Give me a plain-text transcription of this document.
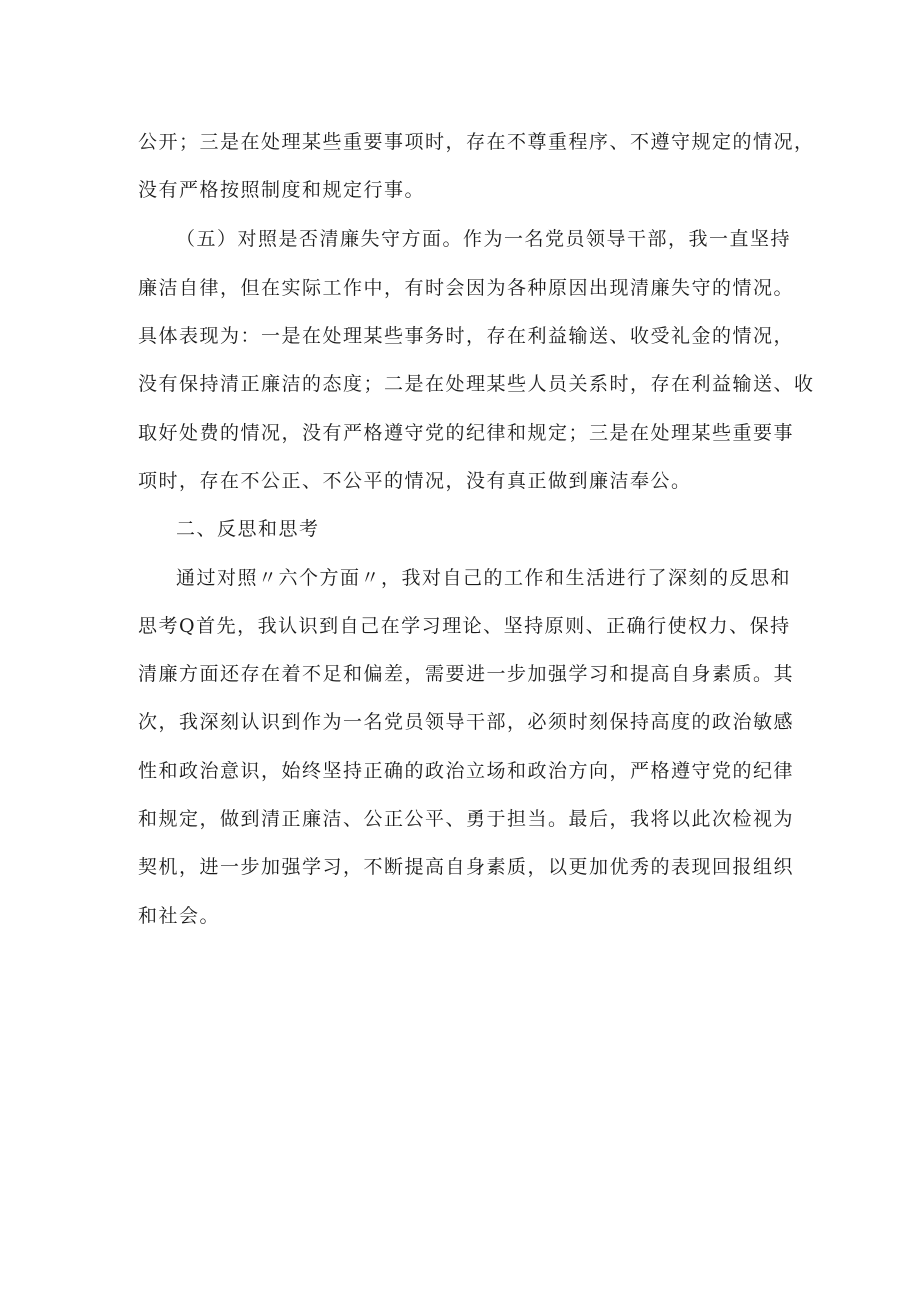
公开；三是在处理某些重要事项时，存在不尊重程序、不遵守规定的情况，
没有严格按照制度和规定行事。
（五）对照是否清廉失守方面。作为一名党员领导干部，我一直坚持
廉洁自律，但在实际工作中，有时会因为各种原因出现清廉失守的情况。
具体表现为：一是在处理某些事务时，存在利益输送、收受礼金的情况，
没有保持清正廉洁的态度；二是在处理某些人员关系时，存在利益输送、收
取好处费的情况，没有严格遵守党的纪律和规定；三是在处理某些重要事
项时，存在不公正、不公平的情况，没有真正做到廉洁奉公。
二、反思和思考
通过对照〃六个方面〃，我对自己的工作和生活进行了深刻的反思和
思考Q首先，我认识到自己在学习理论、坚持原则、正确行使权力、保持
清廉方面还存在着不足和偏差，需要进一步加强学习和提高自身素质。其
次，我深刻认识到作为一名党员领导干部，必须时刻保持高度的政治敏感
性和政治意识，始终坚持正确的政治立场和政治方向，严格遵守党的纪律
和规定，做到清正廉洁、公正公平、勇于担当。最后，我将以此次检视为
契机，进一步加强学习，不断提高自身素质，以更加优秀的表现回报组织
和社会。
